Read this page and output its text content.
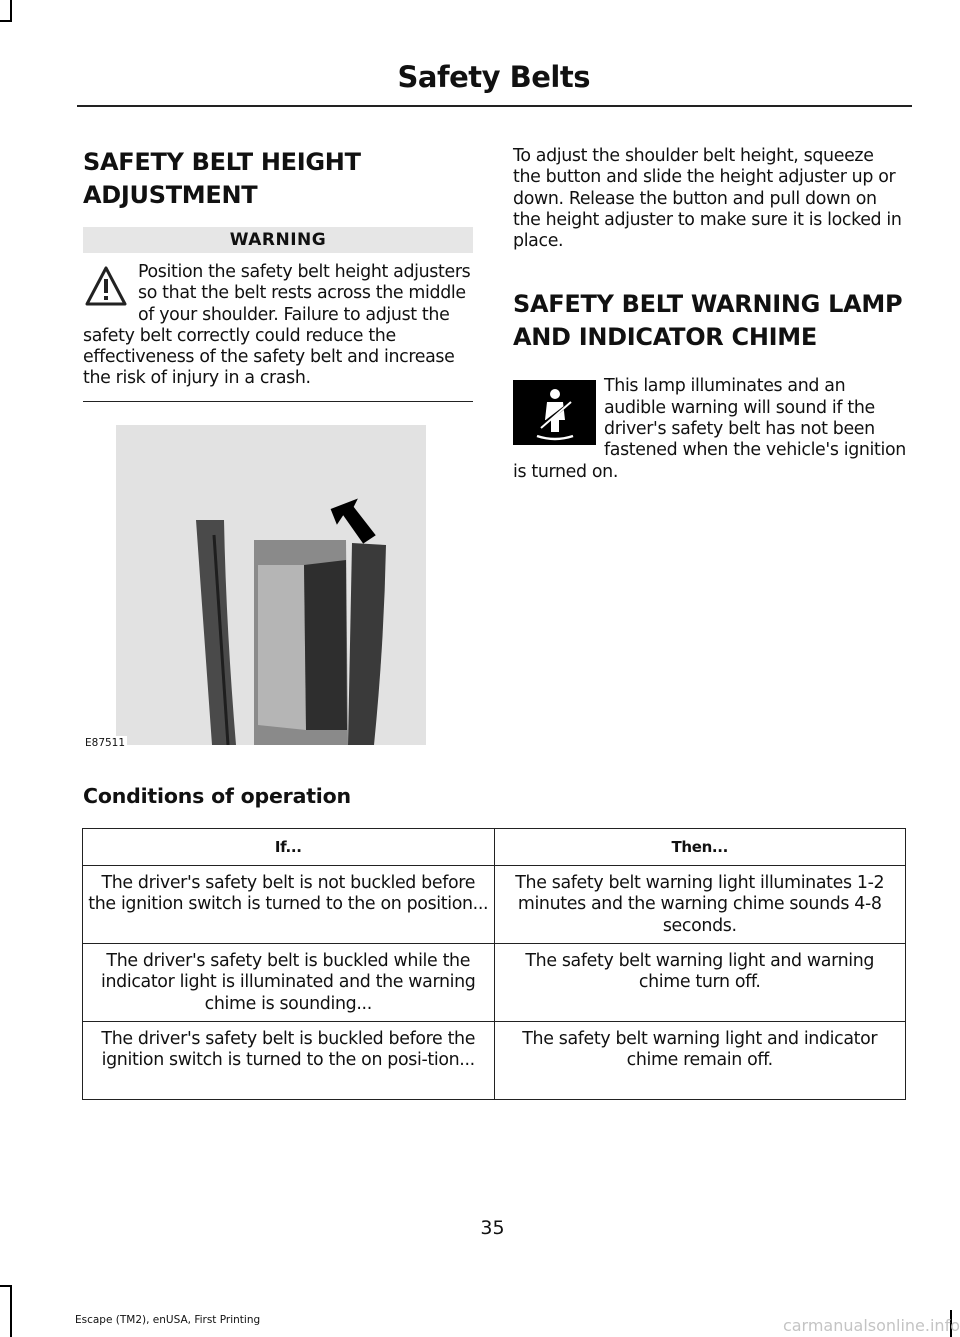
Safety Belts
SAFETY BELT HEIGHT
ADJUSTMENT
WARNING

Position the safety belt height adjusters so that the belt rests across the middle of your shoulder. Failure to adjust the safety belt correctly could reduce the effectiveness of the safety belt and increase the risk of injury in a crash.

E87511

To adjust the shoulder belt height, squeeze the button and slide the height adjuster up or down. Release the button and pull down on the height adjuster to make sure it is locked in place.

SAFETY BELT WARNING LAMP
AND INDICATOR CHIME

This lamp illuminates and an audible warning will sound if the driver's safety belt has not been fastened when the vehicle's ignition is turned on.

Conditions of operation
If...	Then...
The driver's safety belt is not buckled before the ignition switch is turned to the on position...	The safety belt warning light illuminates 1-2 minutes and the warning chime sounds 4-8 seconds.
The driver's safety belt is buckled while the indicator light is illuminated and the warning chime is sounding...	The safety belt warning light and warning chime turn off.
The driver's safety belt is buckled before the ignition switch is turned to the on posi-tion...	The safety belt warning light and indicator chime remain off.
35
Escape (TM2), enUSA, First Printing	carmanualsonline.info
